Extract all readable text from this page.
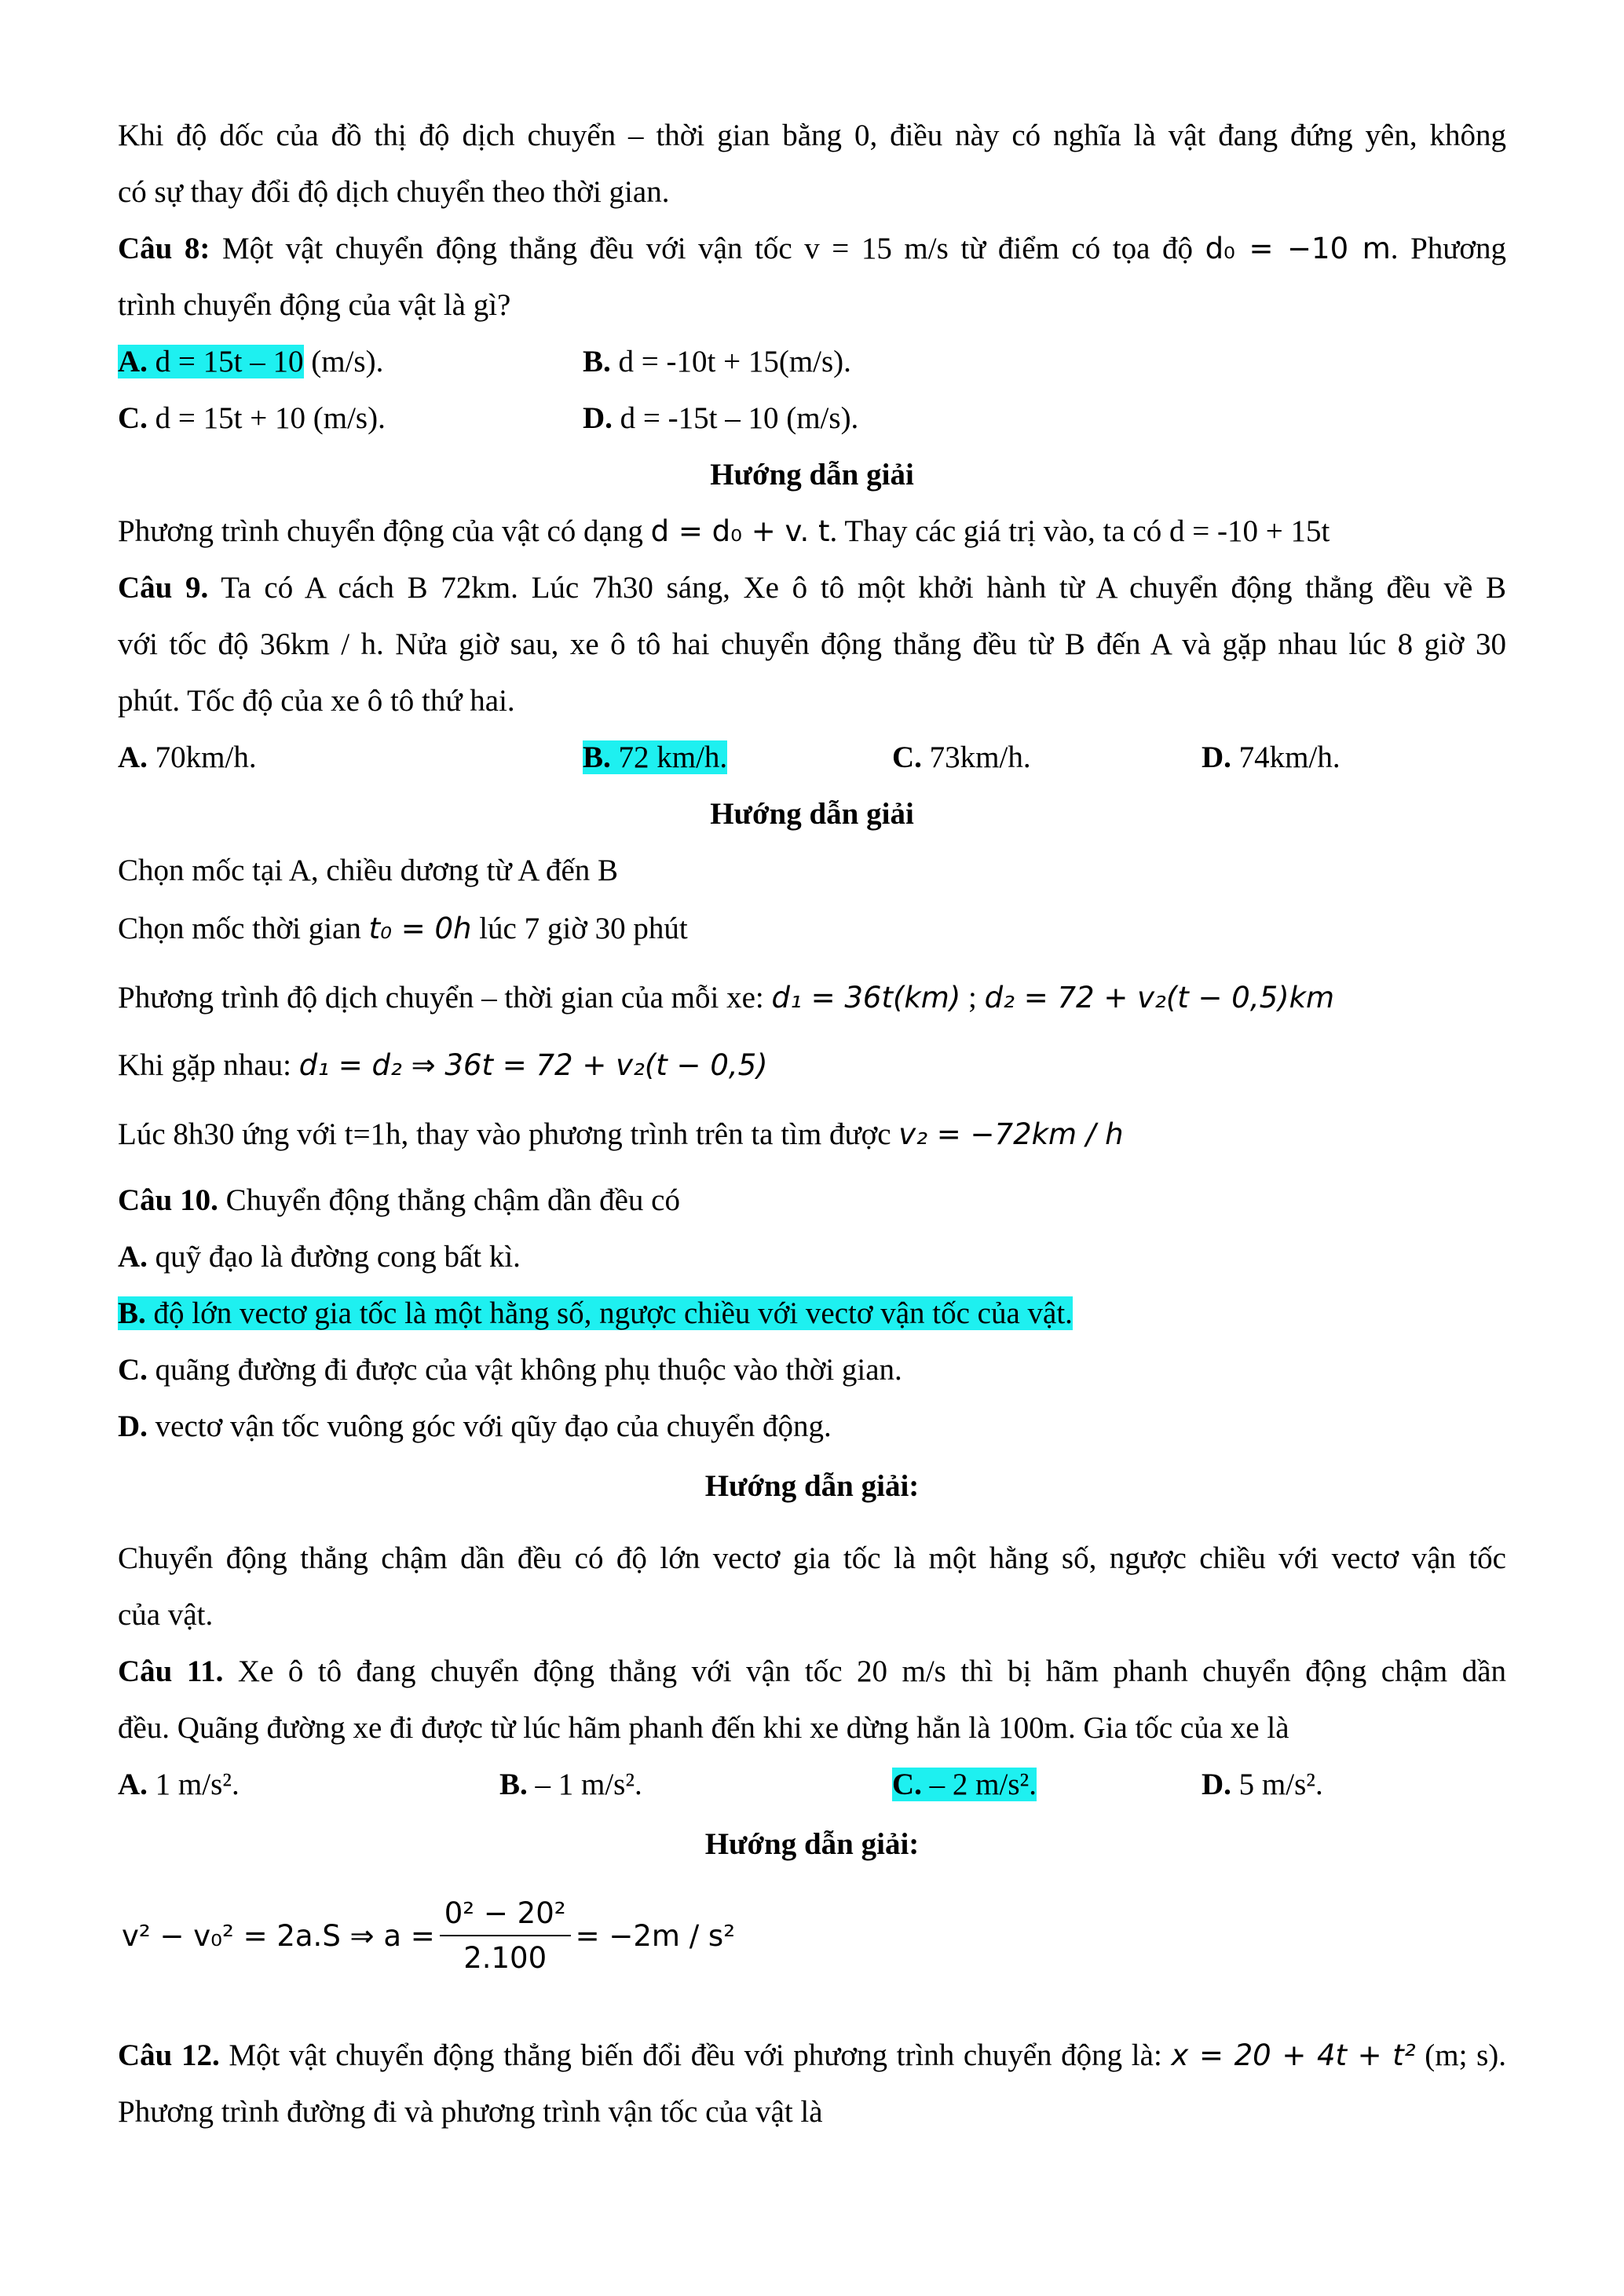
Khi độ dốc của đồ thị độ dịch chuyển – thời gian bằng 0, điều này có nghĩa là vật đang đứng yên, không
có sự thay đổi độ dịch chuyển theo thời gian.
Câu 8: Một vật chuyển động thẳng đều với vận tốc v = 15 m/s từ điểm có tọa độ d₀ = −10 m. Phương
trình chuyển động của vật là gì?
A. d = 15t – 10 (m/s).	B. d = -10t + 15(m/s).
C. d = 15t + 10 (m/s).	D. d = -15t – 10 (m/s).
Hướng dẫn giải
Phương trình chuyển động của vật có dạng d = d₀ + v. t. Thay các giá trị vào, ta có d = -10 + 15t
Câu 9. Ta có A cách B 72km. Lúc 7h30 sáng, Xe ô tô một khởi hành từ A chuyển động thẳng đều về B
với tốc độ 36km / h. Nửa giờ sau, xe ô tô hai chuyển động thẳng đều từ B đến A và gặp nhau lúc 8 giờ 30
phút. Tốc độ của xe ô tô thứ hai.
A. 70km/h.	B. 72 km/h.	C. 73km/h.	D. 74km/h.
Hướng dẫn giải
Chọn mốc tại A, chiều dương từ A đến B
Chọn mốc thời gian t₀ = 0h lúc 7 giờ 30 phút
Phương trình độ dịch chuyển – thời gian của mỗi xe: d₁ = 36t(km) ; d₂ = 72 + v₂(t − 0,5)km
Khi gặp nhau: d₁ = d₂ ⇒ 36t = 72 + v₂(t − 0,5)
Lúc 8h30 ứng với t=1h, thay vào phương trình trên ta tìm được v₂ = −72km / h
Câu 10. Chuyển động thẳng chậm dần đều có
A. quỹ đạo là đường cong bất kì.
B. độ lớn vectơ gia tốc là một hằng số, ngược chiều với vectơ vận tốc của vật.
C. quãng đường đi được của vật không phụ thuộc vào thời gian.
D. vectơ vận tốc vuông góc với qũy đạo của chuyển động.
Hướng dẫn giải:
Chuyển động thẳng chậm dần đều có độ lớn vectơ gia tốc là một hằng số, ngược chiều với vectơ vận tốc
của vật.
Câu 11. Xe ô tô đang chuyển động thẳng với vận tốc 20 m/s thì bị hãm phanh chuyển động chậm dần
đều. Quãng đường xe đi được từ lúc hãm phanh đến khi xe dừng hẳn là 100m. Gia tốc của xe là
A. 1 m/s².	B. – 1 m/s².	C. – 2 m/s².	D. 5 m/s².
Hướng dẫn giải:
v² − v₀² = 2a.S ⇒ $a = \frac{\text{0² − 20²}}{2.100} = -2m / s^2$
Câu 12. Một vật chuyển động thẳng biến đổi đều với phương trình chuyển động là: x = 20 + 4t + t² (m; s).
Phương trình đường đi và phương trình vận tốc của vật là
